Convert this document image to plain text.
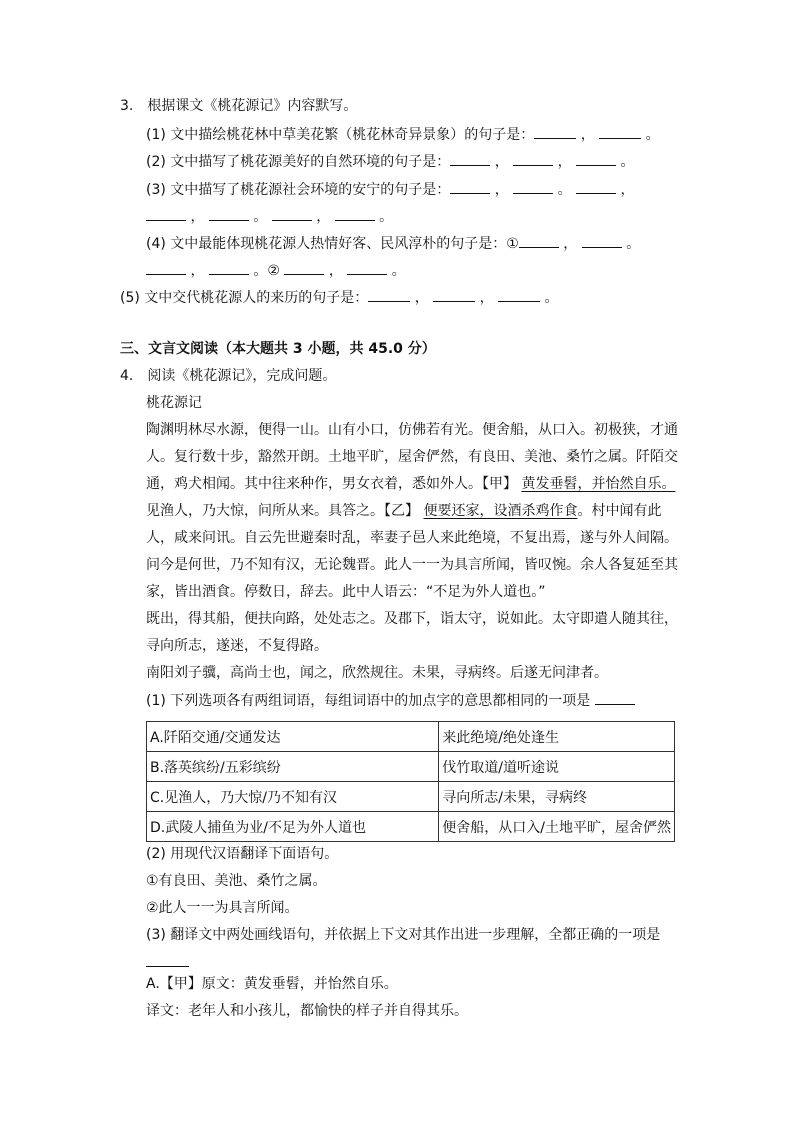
3.　根据课文《桃花源记》内容默写。
(1) 文中描绘桃花林中草美花繁（桃花林奇异景象）的句子是：	，	。
(2) 文中描写了桃花源美好的自然环境的句子是：	，	，	。
(3) 文中描写了桃花源社会环境的安宁的句子是：	，	。	，
，	。	，	。
(4) 文中最能体现桃花源人热情好客、民风淳朴的句子是：①	，	。
，	。②	，	。
(5) 文中交代桃花源人的来历的句子是：	，	，	。
三、文言文阅读（本大题共 3 小题，共 45.0 分）
4.　阅读《桃花源记》，完成问题。
桃花源记
陶渊明林尽水源，便得一山。山有小口，仿佛若有光。便舍船，从口入。初极狭，才通
人。复行数十步，豁然开朗。土地平旷，屋舍俨然，有良田、美池、桑竹之属。阡陌交
通，鸡犬相闻。其中往来种作，男女衣着，悉如外人。【甲】 黄发垂髫，并怡然自乐。
见渔人，乃大惊，问所从来。具答之。【乙】 便要还家，设酒杀鸡作食。村中闻有此
人，咸来问讯。自云先世避秦时乱，率妻子邑人来此绝境，不复出焉，遂与外人间隔。
问今是何世，乃不知有汉，无论魏晋。此人一一为具言所闻，皆叹惋。余人各复延至其
家，皆出酒食。停数日，辞去。此中人语云：“不足为外人道也。”
既出，得其船，便扶向路，处处志之。及郡下，诣太守，说如此。太守即遣人随其往，
寻向所志，遂迷，不复得路。
南阳刘子骥，高尚士也，闻之，欣然规往。未果，寻病终。后遂无问津者。
(1) 下列选项各有两组词语，每组词语中的加点字的意思都相同的一项是
A.阡陌交通/交通发达	来此绝境/绝处逢生
B.落英缤纷/五彩缤纷	伐竹取道/道听途说
C.见渔人，乃大惊/乃不知有汉	寻向所志/未果，寻病终
D.武陵人捕鱼为业/不足为外人道也	便舍船，从口入/土地平旷，屋舍俨然
(2) 用现代汉语翻译下面语句。
①有良田、美池、桑竹之属。
②此人一一为具言所闻。
(3) 翻译文中两处画线语句，并依据上下文对其作出进一步理解，全都正确的一项是
A.【甲】原文：黄发垂髫，并怡然自乐。
译文：老年人和小孩儿，都愉快的样子并自得其乐。
